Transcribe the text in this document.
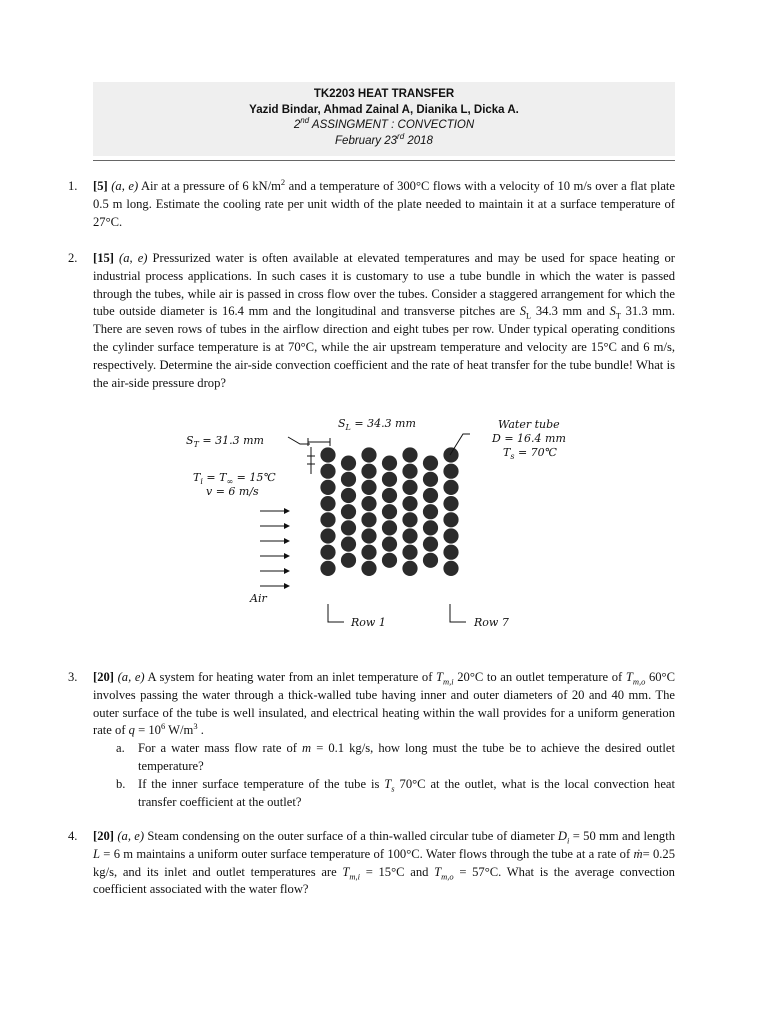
TK2203 HEAT TRANSFER
Yazid Bindar, Ahmad Zainal A, Dianika L, Dicka A.
2nd ASSINGMENT : CONVECTION
February 23rd 2018
1. [5] (a, e) Air at a pressure of 6 $kN/m^2$ and a temperature of 300°C flows with a velocity of 10 m/s over a flat plate 0.5 m long. Estimate the cooling rate per unit width of the plate needed to maintain it at a surface temperature of 27°C.
2. [15] (a, e) Pressurized water is often available at elevated temperatures and may be used for space heating or industrial process applications. In such cases it is customary to use a tube bundle in which the water is passed through the tubes, while air is passed in cross flow over the tubes. Consider a staggered arrangement for which the tube outside diameter is 16.4 mm and the longitudinal and transverse pitches are $S_L$ 34.3 mm and $S_T$ 31.3 mm. There are seven rows of tubes in the airflow direction and eight tubes per row. Under typical operating conditions the cylinder surface temperature is at 70°C, while the air upstream temperature and velocity are 15°C and 6 m/s, respectively. Determine the air-side convection coefficient and the rate of heat transfer for the tube bundle! What is the air-side pressure drop?
$S_L = 34.3$ mm
$S_T = 31.3$ mm
Water tube
D = 16.4 mm
$T_s$ = 70℃
$T_i = T_\infty$ = 15℃
v = 6 m/s
Air
Row 1	Row 7
3. [20] (a, e) A system for heating water from an inlet temperature of $T_{m,i}$ 20°C to an outlet temperature of $T_{m,o}$ 60°C involves passing the water through a thick-walled tube having inner and outer diameters of 20 and 40 mm. The outer surface of the tube is well insulated, and electrical heating within the wall provides for a uniform generation rate of $q = 10^6$ $W/m^3$ .
a. For a water mass flow rate of m = 0.1 kg/s, how long must the tube be to achieve the desired outlet temperature?
b. If the inner surface temperature of the tube is $T_s$ 70°C at the outlet, what is the local convection heat transfer coefficient at the outlet?
4. [20] (a, e) Steam condensing on the outer surface of a thin-walled circular tube of diameter $D_i = 50$ mm and length L = 6 m maintains a uniform outer surface temperature of 100°C. Water flows through the tube at a rate of ṁ= 0.25 kg/s, and its inlet and outlet temperatures are $T_{m,i} = 15^\circ C$ and $T_{m,o} = 57^\circ C$. What is the average convection coefficient associated with the water flow?
